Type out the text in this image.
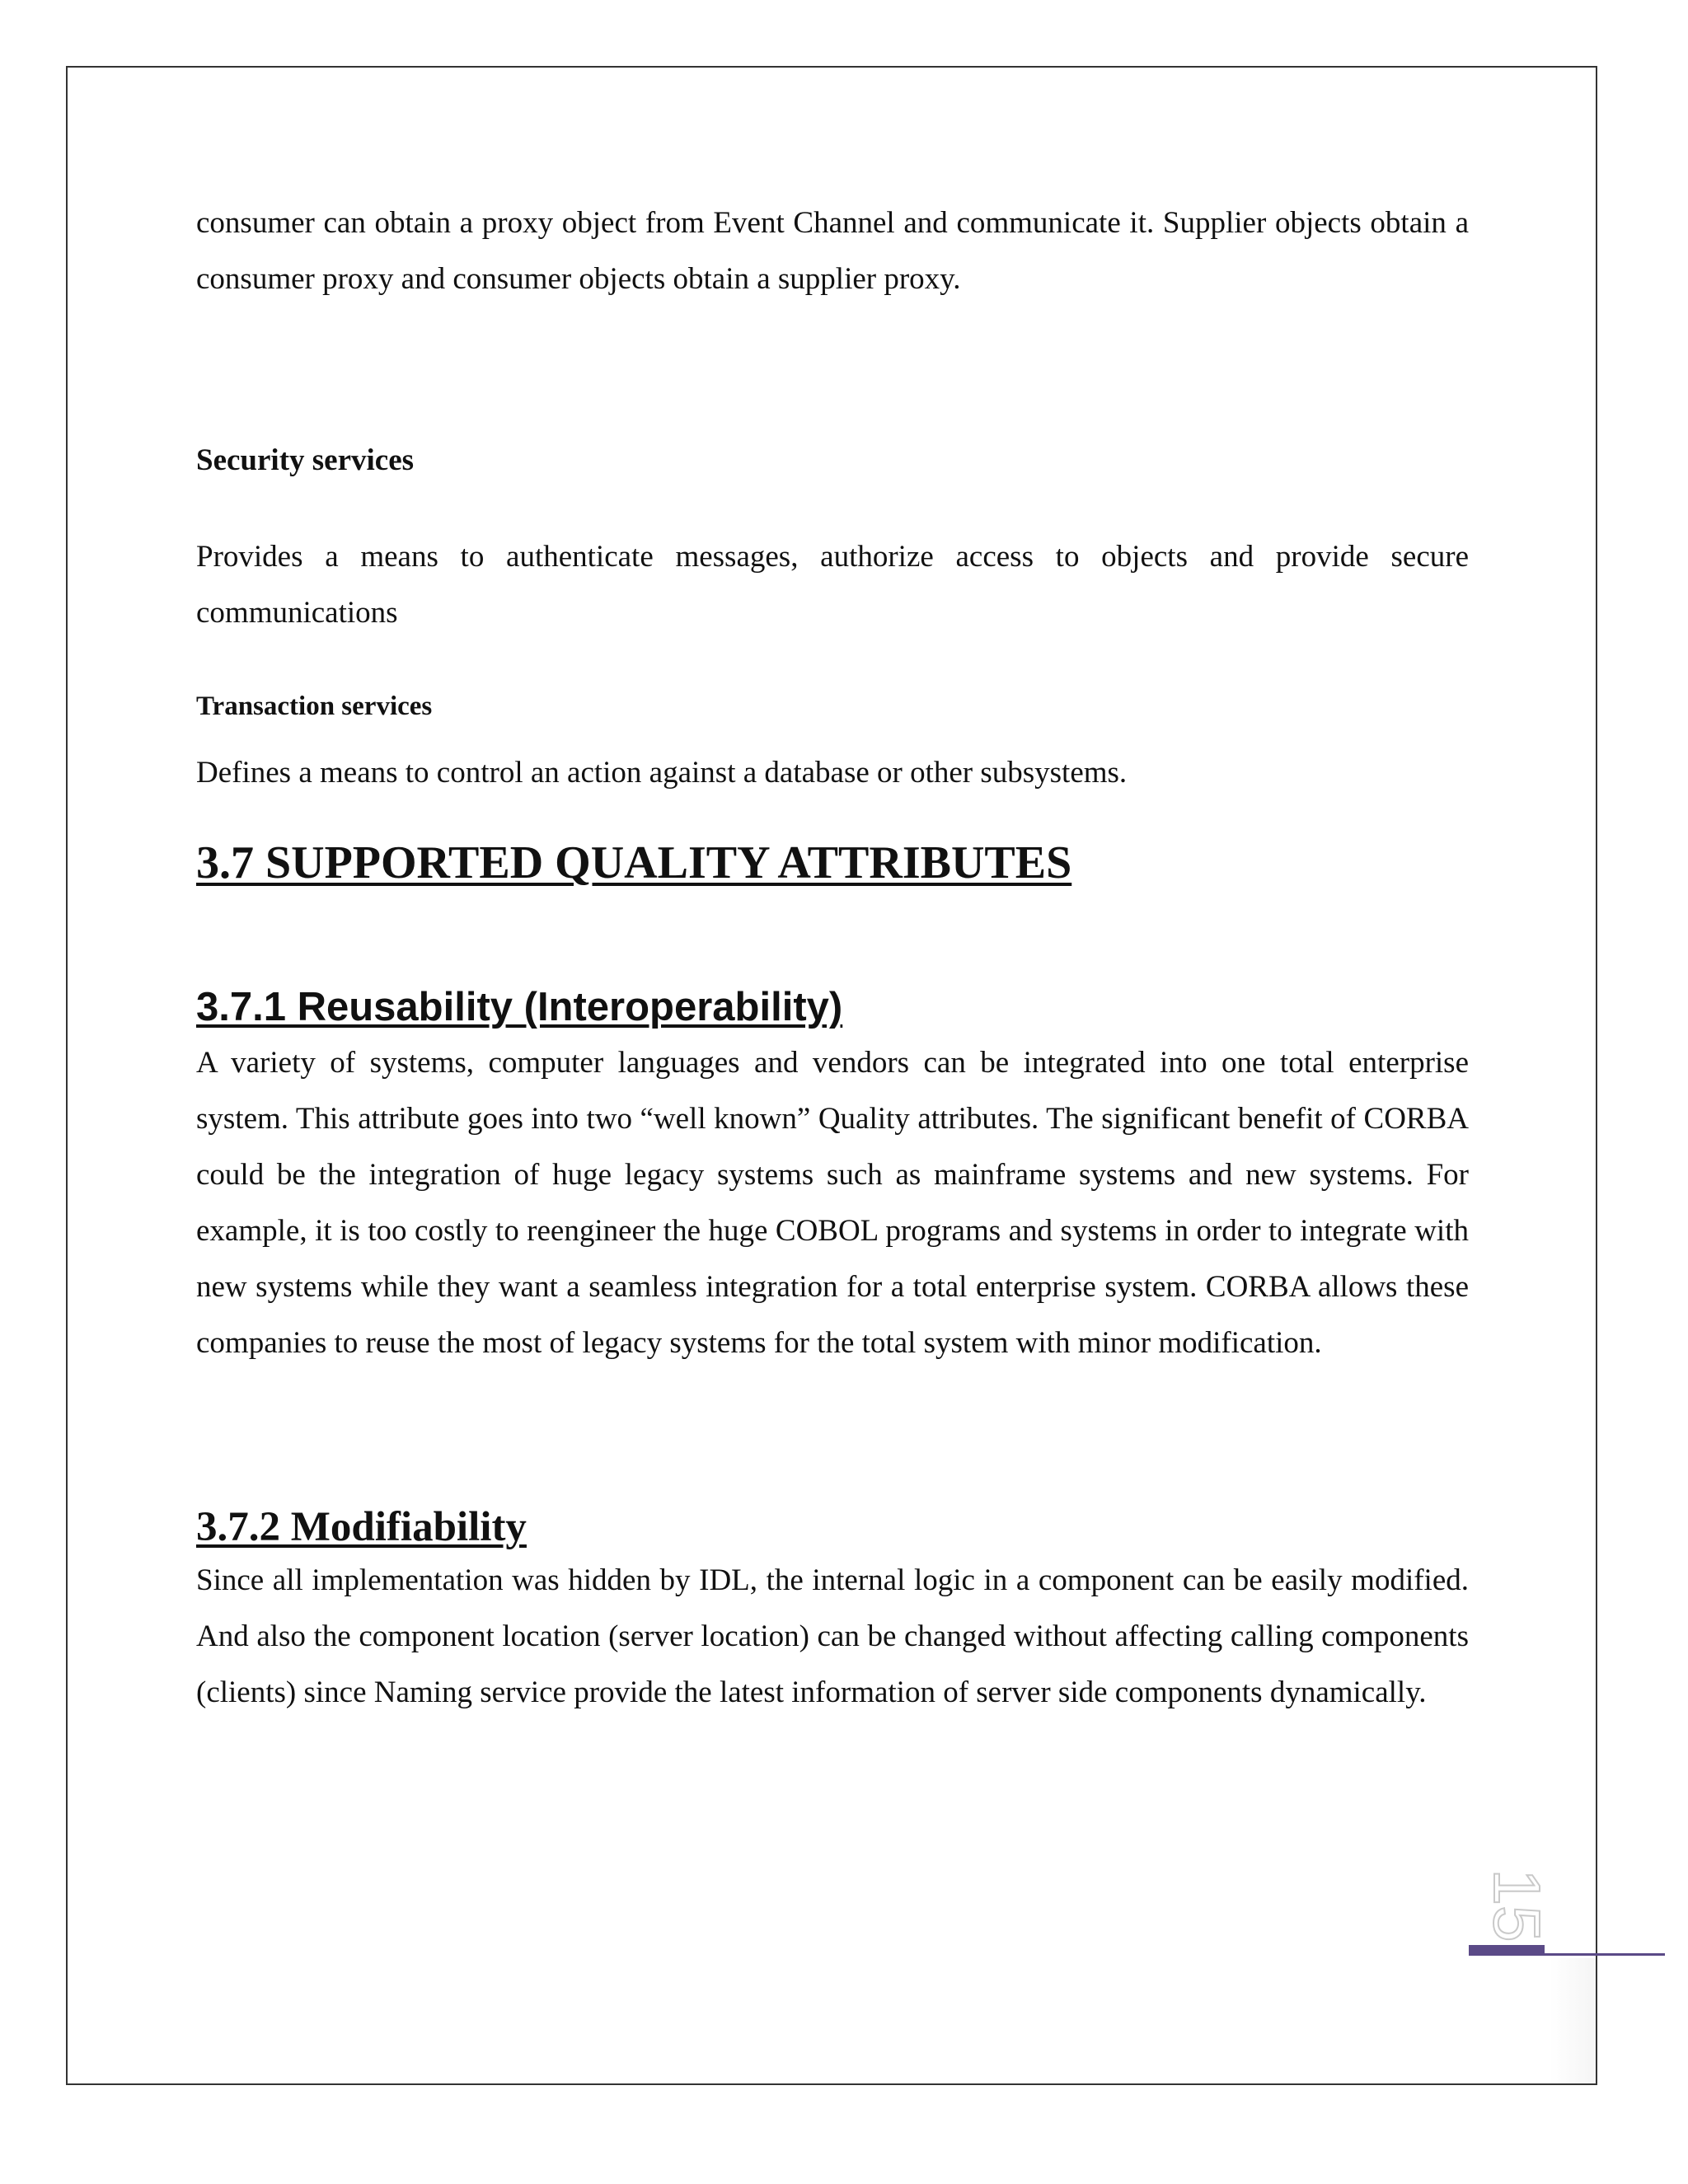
consumer can obtain a proxy object from Event Channel and communicate it. Supplier objects obtain a consumer proxy and consumer objects obtain a supplier proxy.

Security services

Provides a means to authenticate messages, authorize access to objects and provide secure communications

Transaction services

Defines a means to control an action against a database or other subsystems.

3.7 SUPPORTED QUALITY ATTRIBUTES
3.7.1 Reusability (Interoperability)

A variety of systems, computer languages and vendors can be integrated into one total enterprise system. This attribute goes into two “well known” Quality attributes. The significant benefit of CORBA could be the integration of huge legacy systems such as mainframe systems and new systems. For example, it is too costly to reengineer the huge COBOL programs and systems in order to integrate with new systems while they want a seamless integration for a total enterprise system. CORBA allows these companies to reuse the most of legacy systems for the total system with minor modification.

3.7.2 Modifiability

Since all implementation was hidden by IDL, the internal logic in a component can be easily modified. And also the component location (server location) can be changed without affecting calling components (clients) since Naming service provide the latest information of server side components dynamically.

15
